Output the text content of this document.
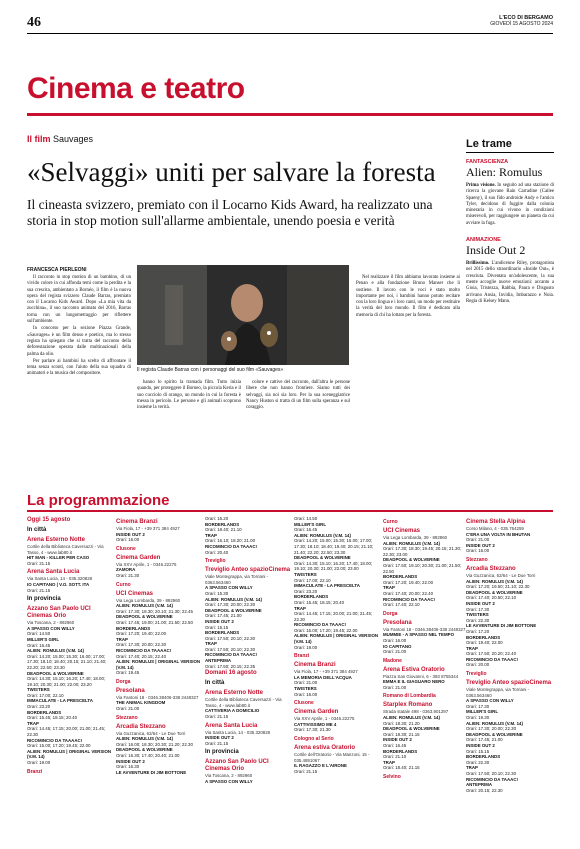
46	L'ECO DI BERGAMO
GIOVEDÌ 15 AGOSTO 2024
Cinema e teatro
Il film Sauvages
«Selvaggi» uniti per salvare la foresta
Il cineasta svizzero, premiato con il Locarno Kids Award, ha realizzato una storia in stop motion sull'allarme ambientale, unendo poesia e verità
FRANCESCA PIERLEONI

Il racconto in stop motion di un bambino, di un vivido colore in cui affonda temi come la perdita e la sua crescita, ambientato a Bornéo, il film è la nuova opera del regista svizzero Claude Barras, premiato con il Locarno Kids Award. Dopo «La mia vita da zucchina», il suo racconto animato del 2016, Barras torna con un lungometraggio per riflettere sull'ambiente.

In concorso per la sezione Piazza Grande, «Sauvages» è un film denso e poetico, ma lo stesso regista ha spiegato che si tratta del racconto della deforestazione operata dalle multinazionali della palma da olio.

Per parlare ai bambini ha scelto di affrontare il tema senza sconti, con l'aiuto della sua squadra di animatori e la musica del compositore.

Il regista Claude Barras con i personaggi del suo film «Sauvages»

hanno lo spirito la tramada film. Tutto inizia quando, per proteggere il Borneo, la piccola Keria e il suo cucciolo di orango, un mondo in cui la foresta è messa in pericolo. Le persone e gli animali scoprono insieme la verità.

colore e cattive del racconto, dall'altra le persone libere che non hanno frontiere. Siamo tutti dei selvaggi, sia noi sia loro. Per la sua sceneggiatrice Nancy Huston si tratta di un film sulla speranza e sul coraggio.

Nel realizzare il film abbiamo lavorato insieme ai Penan e alla fondazione Bruno Manser che li sostiene. Il lavoro con le voci è stato molto importante per noi, i bambini hanno potuto recitare con la loro lingua e i loro canti, un modo per restituire la verità del loro mondo. Il film è dedicato alla memoria di chi ha lottato per la foresta.

Le trame
FANTASCIENZA
Alien: Romulus
Prima visione. In seguito ad una stazione di ricerca la giovane Rain Carradine (Cailee Spaeny), il suo fido androide Andy e l'amico Tyler, decidono di fuggire dalla colonia mineraria in cui vivono in condizioni miserevoli, per raggiungere un pianeta da cui avviare la fuga.
ANIMAZIONE
Inside Out 2
Brillissimo. L'andicenne Riley, protagonista nel 2015 dello straordinario «Inside Out», è cresciuta. Diventata un'adolescente, la sua mente accoglie nuove emozioni: accanto a Gioia, Tristezza, Rabbia, Paura e Disgusto arrivano Ansia, Invidia, Imbarazzo e Noia. Regia di Kelsey Mann.
La programmazione
Oggi 15 agosto
In città
Arena Esterno Notte
Cortile della Biblioteca Caversazzi - Via Tasso, 4 - www.lab80.it
HIT MAN - KILLER PER CASO
Orari: 21.15
Arena Santa Lucia
Via Santa Lucia, 14 - 035.320828
IO CAPITANO | V.O. SOTT. ITA
Orari: 21.15
In provincia
Azzano San Paolo UCI Cinemas Orio
Via Toscana, 2 - 892960
A SPASSO CON WILLY
Orari: 14.50
MILLER'S GIRL
Orari: 16.45
ALIEN: ROMULUS (V.M. 14)
Orari: 14.20; 15.00; 15.30; 16.00; 17.00; 17.30; 18.10; 18.40; 20.15; 21.10; 21.40; 22.20; 22.50; 23.30
DEADPOOL & WOLVERINE
Orari: 14.30; 15.10; 16.20; 17.40; 18.00; 19.10; 20.30; 21.00; 22.00; 23.20
TWISTERS
Orari: 17.00; 22.10
IMMACULATE - LA PRESCELTA
Orari: 23.20
BORDERLANDS
Orari: 15.45; 18.15; 20.40
TRAP
Orari: 14.45; 17.15; 20.00; 21.00; 21.45; 22.30
RICOMINCIO DA TAAAAC!
Orari: 15.00; 17.20; 19.45; 22.00
ALIEN: ROMULUS | ORIGINAL VERSION (V.M. 14)
Orari: 19.00
Branzi
Cinema Branzi
Via Fiola, 17 - +39 371 384 4927
INSIDE OUT 2
Orari: 16.00
Clusone
Cinema Garden
Via XXV Aprile, 1 - 0346.22275
ZAMORA
Orari: 21.30
Curno
UCI Cinemas
Via Lega Lombarda, 39 - 892960
ALIEN: ROMULUS (V.M. 14)
Orari: 17.30; 18.30; 20.10; 21.30; 22.45
DEADPOOL & WOLVERINE
Orari: 17.45; 19.00; 21.00; 21.50; 22.50
BORDERLANDS
Orari: 17.20; 19.40; 22.00
TRAP
Orari: 17.30; 20.00; 22.30
RICOMINCIO DA TAAAAC!
Orari: 17.40; 20.15; 22.40
ALIEN: ROMULUS | ORIGINAL VERSION (V.M. 14)
Orari: 19.45
Dorga
Presolana
Via Fantoni 18 - 0346.38406-338 2448327
THE ANIMAL KINGDOM
Orari: 21.00
Stezzano
Arcadia Stezzano
Via Guzzanica, 62/64 - Le Due Torri
ALIEN: ROMULUS (V.M. 14)
Orari: 16.00; 18.30; 20.30; 21.20; 22.30
DEADPOOL & WOLVERINE
Orari: 16.30; 17.40; 20.40; 21.00
INSIDE OUT 2
Orari: 16.30
LE AVVENTURE DI JIM BOTTONE
Orari: 16.20
BORDERLANDS
Orari: 18.40; 21.10
TRAP
Orari: 16.10; 18.20; 21.00
RICOMINCIO DA TAAAC!
Orari: 20.40
Treviglio
Treviglio Anteo spazioCinema
Viale Montegrappa, via Torriani - 0363.563460
A SPASSO CON WILLY
Orari: 15.30
ALIEN: ROMULUS (V.M. 14)
Orari: 17.30; 20.00; 22.30
DEADPOOL & WOLVERINE
Orari: 17.45; 21.00
INSIDE OUT 2
Orari: 15.15
BORDERLANDS
Orari: 17.50; 20.10; 22.30
TRAP
Orari: 17.50; 20.10; 22.30
RICOMINCIO DA TAAAC!
ANTEPRIMA
Orari: 17.50; 20.15; 22.35
Domani 16 agosto
In città
Arena Esterno Notte
Cortile della Biblioteca Caversazzi - Via Tasso, 4 - www.lab80.it
CATTIVERIA A DOMICILIO
Orari: 21.15
Arena Santa Lucia
Via Santa Lucia, 14 - 035.320828
INSIDE OUT 2
Orari: 21.15
In provincia
Azzano San Paolo UCI Cinemas Orio
Via Toscana, 2 - 892960
A SPASSO CON WILLY
Orari: 14.50
MILLER'S GIRL
Orari: 16.45
ALIEN: ROMULUS (V.M. 14)
Orari: 14.20; 15.00; 15.30; 16.00; 17.00; 17.30; 18.10; 18.40; 19.40; 20.15; 21.10; 21.40; 22.20; 22.50; 23.30
DEADPOOL & WOLVERINE
Orari: 14.30; 15.10; 16.20; 17.40; 18.00; 19.10; 20.30; 21.00; 22.00; 23.00
TWISTERS
Orari: 17.00; 22.10
IMMACULATE - LA PRESCELTA
Orari: 23.20
BORDERLANDS
Orari: 15.45; 18.15; 20.40
TRAP
Orari: 14.45; 17.15; 20.00; 21.00; 21.45; 22.30
RICOMINCIO DA TAAAC!
Orari: 15.00; 17.20; 19.45; 22.00
ALIEN: ROMULUS | ORIGINAL VERSION (V.M. 14)
Orari: 19.00
Branzi
Cinema Branzi
Via Fiola, 17 - +39 371 384 4927
LA MEMORIA DELL'ACQUA
Orari: 21.00
TWISTERS
Orari: 16.00
Clusone
Cinema Garden
Via XXV Aprile, 1 - 0346.22275
CATTIVISSIMO ME 4
Orari: 17.30; 21.30
Cologno al Serio
Arena estiva Oratorio
Cortile dell'Oratorio - Via Manzoni, 15 - 035.4891067
IL RAGAZZO E L'AIRONE
Orari: 21.15
Curno
UCI Cinemas
Via Lega Lombarda, 39 - 892960
ALIEN: ROMULUS (V.M. 14)
Orari: 17.30; 18.30; 19.45; 20.15; 21.30; 22.30; 23.00
DEADPOOL & WOLVERINE
Orari: 17.50; 19.10; 20.30; 21.00; 21.50; 22.50
BORDERLANDS
Orari: 17.20; 19.40; 22.00
TRAP
Orari: 17.40; 20.00; 22.40
RICOMINCIO DA TAAAC!
Orari: 17.40; 22.10
Dorga
Presolana
Via Fantoni 18 - 0346.38406-338 2448327
MUMMIE - A SPASSO NEL TEMPO
Orari: 16.00
IO CAPITANO
Orari: 21.00
Madone
Arena Estiva Oratorio
Piazza San Giovanni, 6 - 393 8755344
EMMA E IL GIAGUARO NERO
Orari: 21.00
Romano di Lombardia
Starplex Romano
Strada statale 498 - 0363.901297
ALIEN: ROMULUS (V.M. 14)
Orari: 18.30; 21.20
DEADPOOL & WOLVERINE
Orari: 18.30; 21.15
INSIDE OUT 2
Orari: 16.45
BORDERLANDS
Orari: 21.10
TRAP
Orari: 18.40; 21.15
Selvino
Cinema Stella Alpina
Corso Milano, 4 - 035.764259
C'ERA UNA VOLTA IN BHUTAN
Orari: 21.00
INSIDE OUT 2
Orari: 16.00
Stezzano
Arcadia Stezzano
Via Guzzanica, 62/64 - Le Due Torri
ALIEN: ROMULUS (V.M. 14)
Orari: 17.20; 19.50; 21.10; 22.30
DEADPOOL & WOLVERINE
Orari: 17.40; 20.50; 22.10
INSIDE OUT 2
Orari: 17.30
TWISTERS
Orari: 22.30
LE AVVENTURE DI JIM BOTTONE
Orari: 17.20
BORDERLANDS
Orari: 19.40; 22.00
TRAP
Orari: 17.50; 20.20; 22.40
RICOMINCIO DA TAAAC!
Orari: 20.00
Treviglio
Treviglio Anteo spazioCinema
Viale Montegrappa, via Torriani - 0363.563460
A SPASSO CON WILLY
Orari: 17.30
MILLER'S GIRL
Orari: 19.30
ALIEN: ROMULUS (V.M. 14)
Orari: 17.30; 20.00; 22.30
DEADPOOL & WOLVERINE
Orari: 17.45; 21.00
INSIDE OUT 2
Orari: 15.15
BORDERLANDS
Orari: 22.30
TRAP
Orari: 17.50; 20.10; 22.30
RICOMINCIO DA TAAAC!
ANTEPRIMA
Orari: 20.15; 22.30
